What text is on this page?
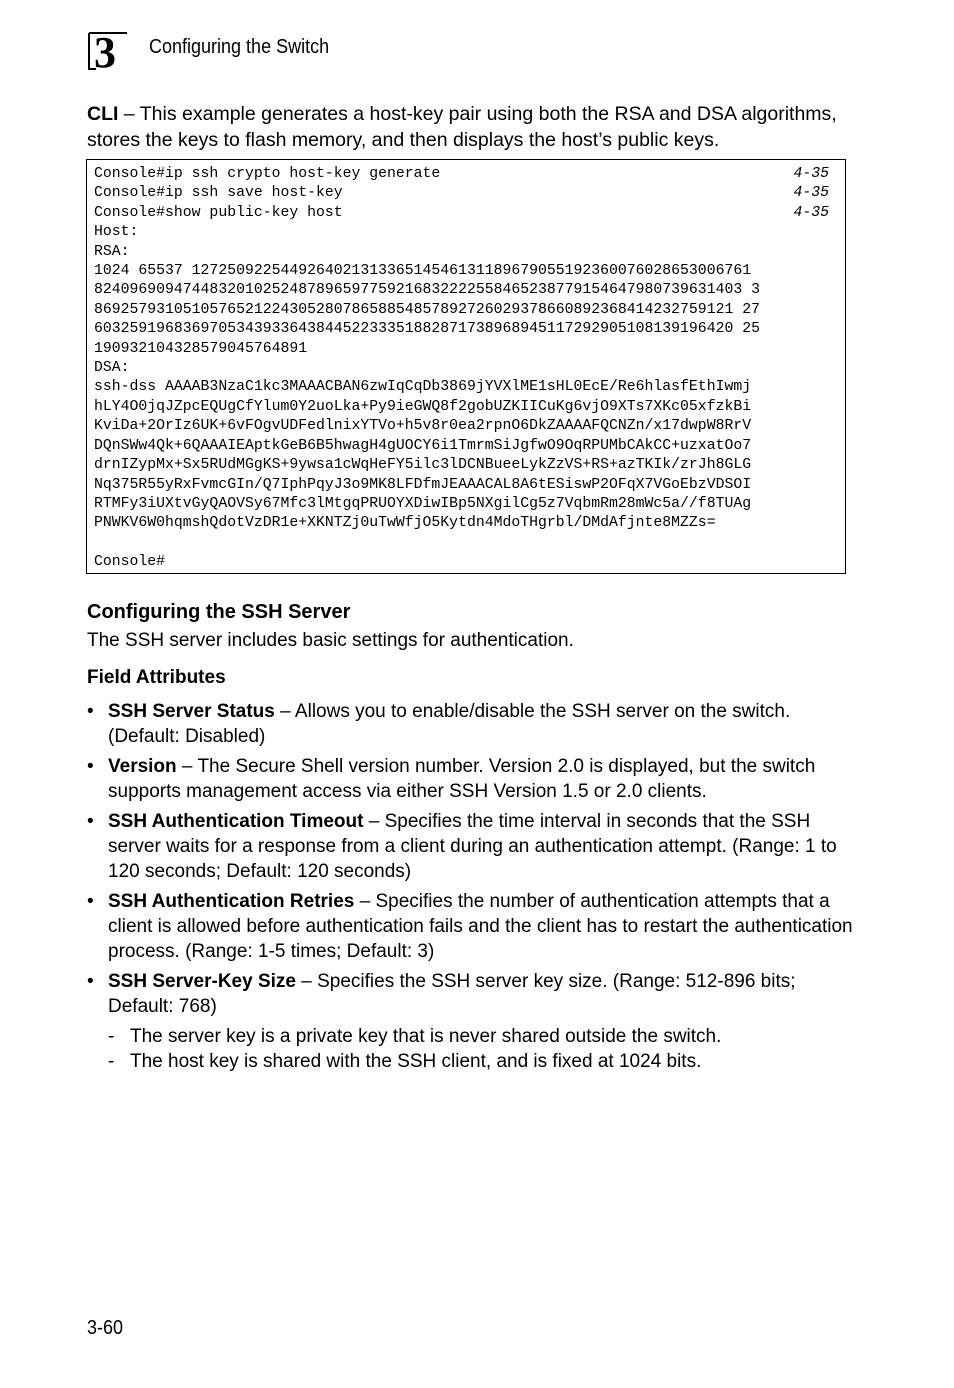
3 Configuring the Switch
CLI – This example generates a host-key pair using both the RSA and DSA algorithms, stores the keys to flash memory, and then displays the host’s public keys.
Console#ip ssh crypto host-key generate
Console#ip ssh save host-key
Console#show public-key host
Host:
RSA:
1024 65537 127250922544926402131336514546131189679055192360076028653006761
8240969094744832010252487896597759216832222558465238779154647980739631403 3
869257931051057652122430528078658854857892726029378660892368414232759121 27
603259196836970534393364384452233351882871738968945117292905108139196420 25
190932104328579045764891
DSA:
ssh-dss AAAAB3NzaC1kc3MAAACBAN6zwIqCqDb3869jYVXlME1sHL0EcE/Re6hlasfEthIwmj
hLY4O0jqJZpcEQUgCfYlum0Y2uoLka+Py9ieGWQ8f2gobUZKIICuKg6vjO9XTs7XKc05xfzkBi
KviDa+2OrIz6UK+6vFOgvUDFedlnixYTVo+h5v8r0ea2rpnO6DkZAAAAFQCNZn/x17dwpW8RrV
DQnSWw4Qk+6QAAAIEAptkGeB6B5hwagH4gUOCY6i1TmrmSiJgfwO9OqRPUMbCAkCC+uzxatOo7
drnIZypMx+Sx5RUdMGgKS+9ywsa1cWqHeFY5ilc3lDCNBueeLykZzVS+RS+azTKIk/zrJh8GLG
Nq375R55yRxFvmcGIn/Q7IphPqyJ3o9MK8LFDfmJEAAACAL8A6tESiswP2OFqX7VGoEbzVDSOI
RTMFy3iUXtvGyQAOVSy67Mfc3lMtgqPRUOYXDiwIBp5NXgilCg5z7VqbmRm28mWc5a//f8TUAg
PNWKV6W0hqmshQdotVzDR1e+XKNTZj0uTwWfjO5Kytdn4MdoTHgrbl/DMdAfjnte8MZZs=

Console#
4-35
4-35
4-35
Configuring the SSH Server
The SSH server includes basic settings for authentication.
Field Attributes
• SSH Server Status – Allows you to enable/disable the SSH server on the switch. (Default: Disabled)
• Version – The Secure Shell version number. Version 2.0 is displayed, but the switch supports management access via either SSH Version 1.5 or 2.0 clients.
• SSH Authentication Timeout – Specifies the time interval in seconds that the SSH server waits for a response from a client during an authentication attempt. (Range: 1 to 120 seconds; Default: 120 seconds)
• SSH Authentication Retries – Specifies the number of authentication attempts that a client is allowed before authentication fails and the client has to restart the authentication process. (Range: 1-5 times; Default: 3)
• SSH Server-Key Size – Specifies the SSH server key size. (Range: 512-896 bits; Default: 768)
- The server key is a private key that is never shared outside the switch.
- The host key is shared with the SSH client, and is fixed at 1024 bits.
3-60
